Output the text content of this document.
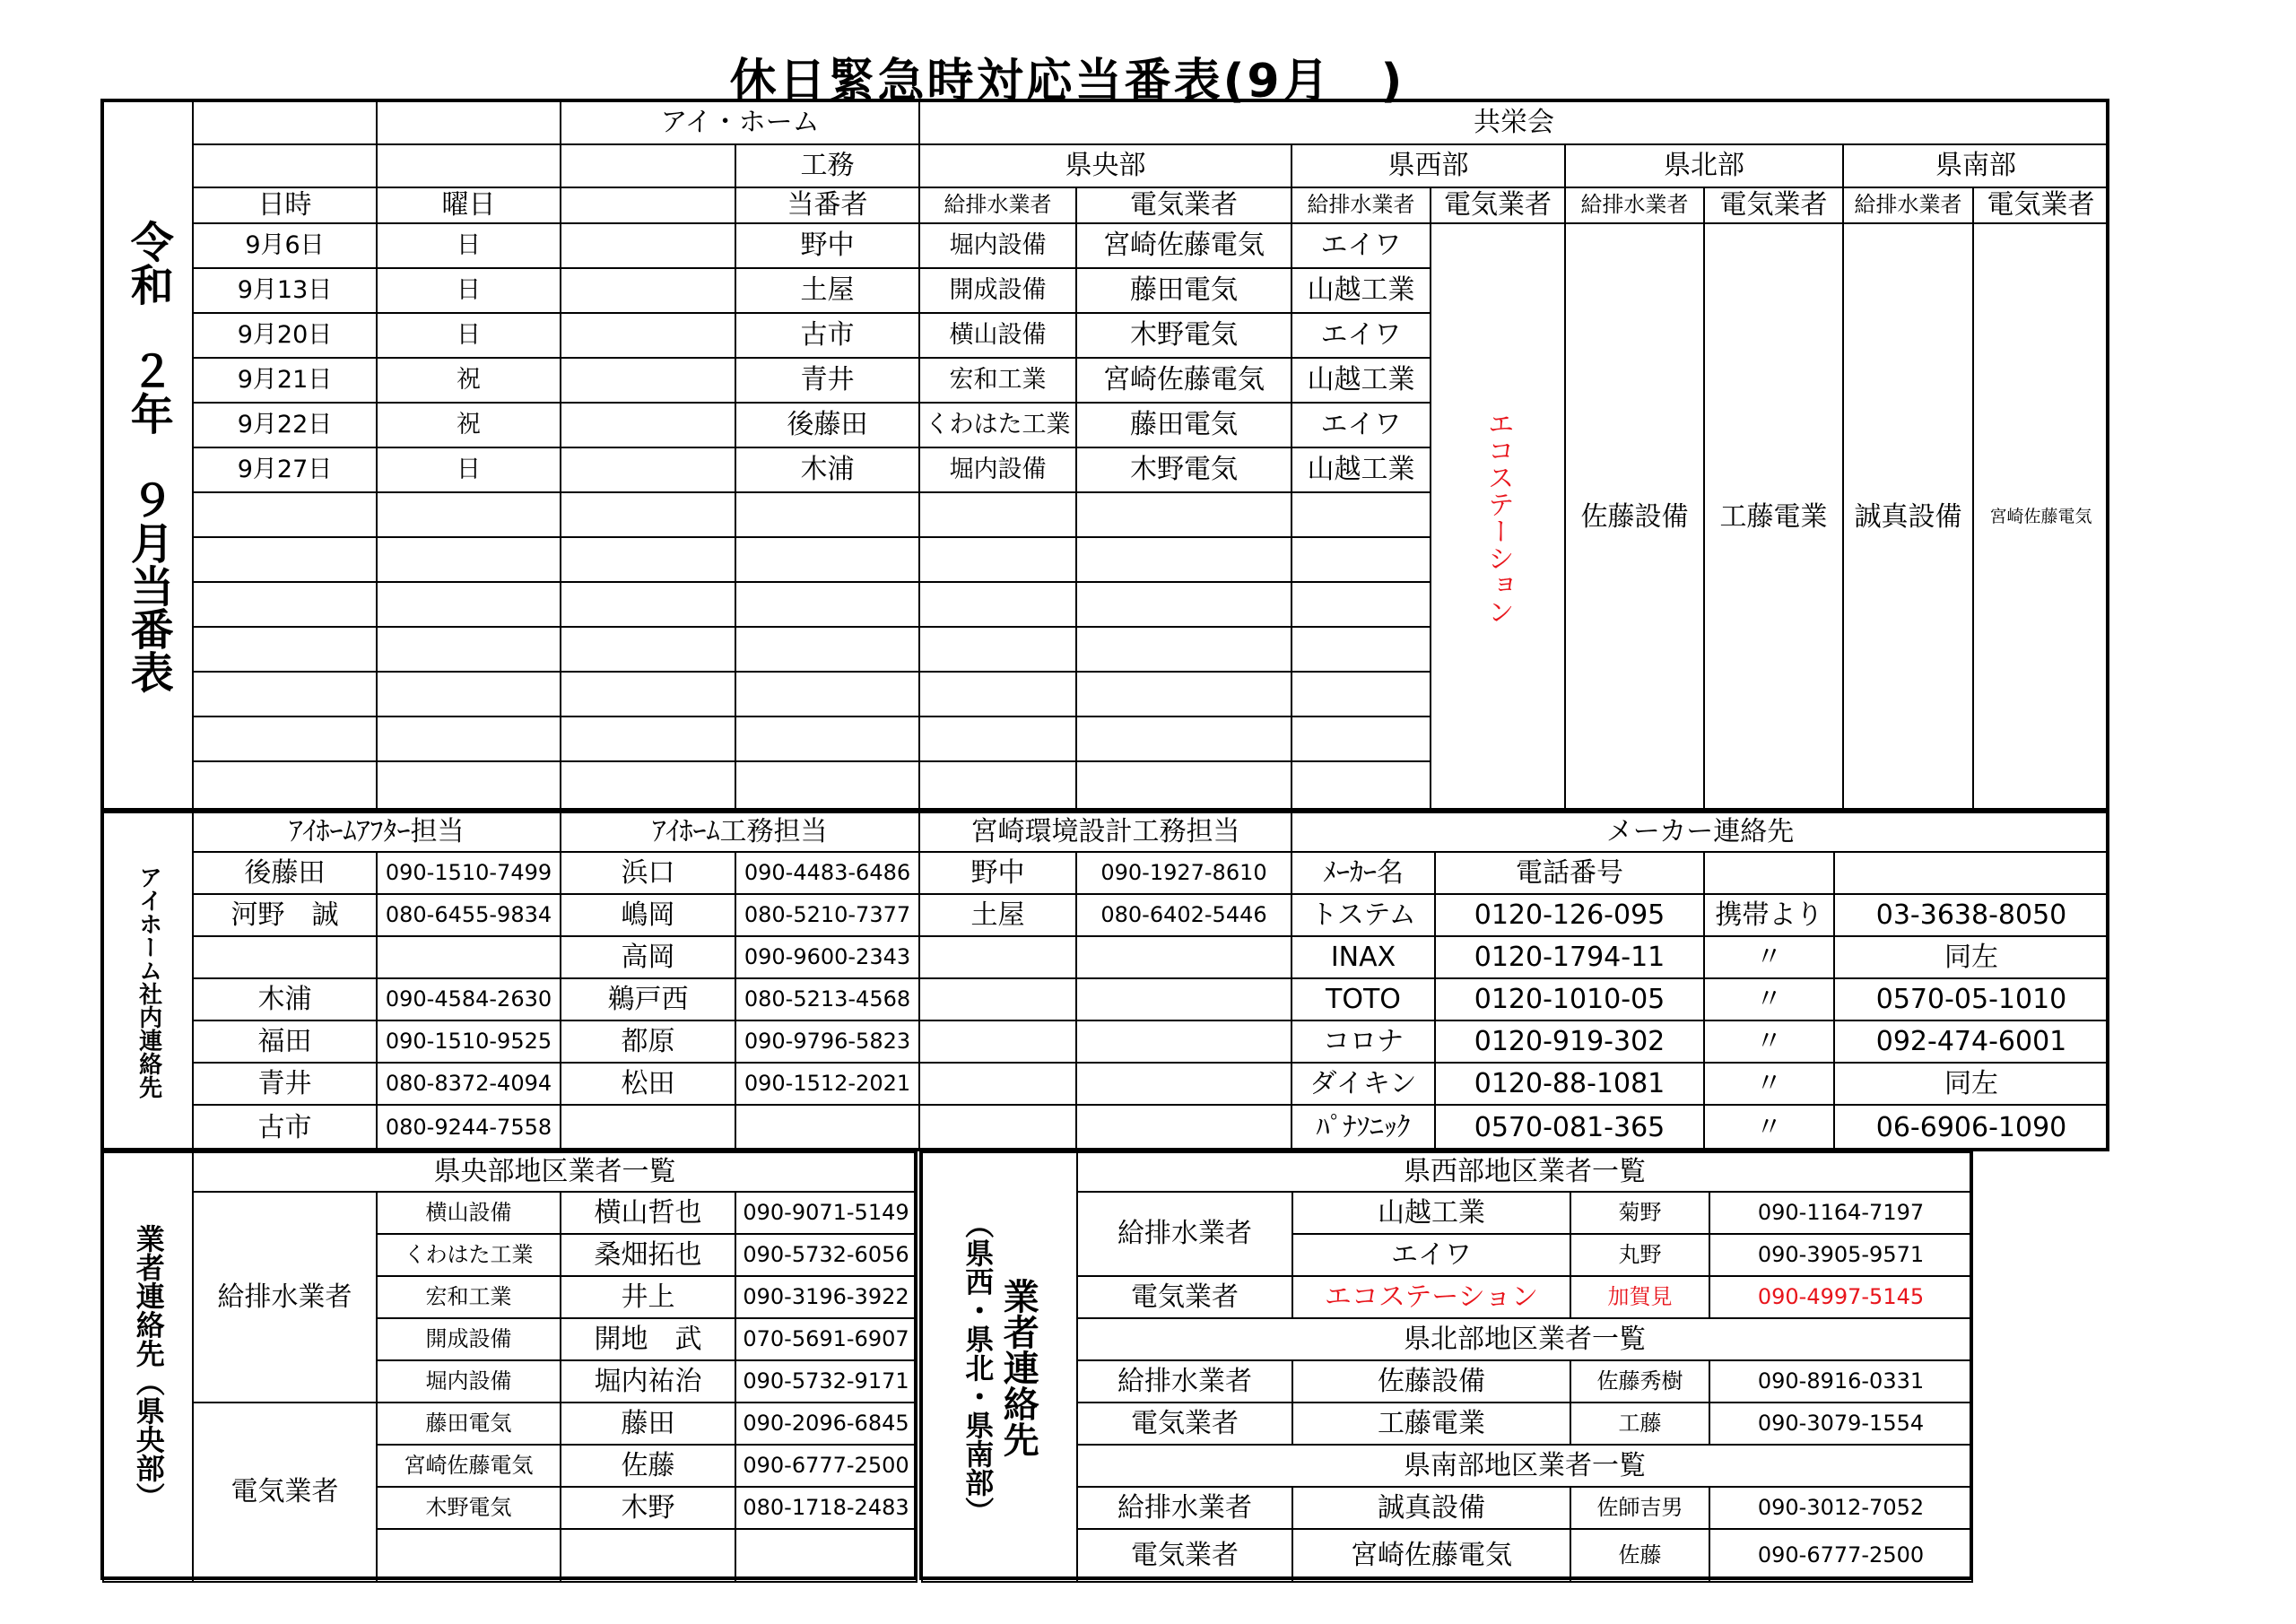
休日緊急時対応当番表(9月　)
令和　２年　９月当番表			アイ・ホーム		共栄会							
				工務	県央部		県西部		県北部		県南部	
	日時	曜日		当番者	給排水業者	電気業者	給排水業者	電気業者	給排水業者	電気業者	給排水業者	電気業者
	9月6日	日		野中	堀内設備	宮崎佐藤電気	エイワ	エコステーション	佐藤設備	工藤電業	誠真設備	宮崎佐藤電気
	9月13日	日		土屋	開成設備	藤田電気	山越工業					
	9月20日	日		古市	横山設備	木野電気	エイワ					
	9月21日	祝		青井	宏和工業	宮崎佐藤電気	山越工業					
	9月22日	祝		後藤田	くわはた工業	藤田電気	エイワ					
	9月27日	日		木浦	堀内設備	木野電気	山越工業					

アイホーム社内連絡先	ｱｲﾎｰﾑｱﾌﾀｰ担当		ｱｲﾎｰﾑ工務担当		宮崎環境設計工務担当		メーカー連絡先			
	後藤田	090-1510-7499	浜口	090-4483-6486	野中	090-1927-8610	ﾒｰｶｰ名	電話番号		
	河野　誠	080-6455-9834	嶋岡	080-5210-7377	土屋	080-6402-5446	トステム	0120-126-095	携帯より	03-3638-8050
			高岡	090-9600-2343			INAX	0120-1794-11	〃	同左
	木浦	090-4584-2630	鵜戸西	080-5213-4568			TOTO	0120-1010-05	〃	0570-05-1010
	福田	090-1510-9525	都原	090-9796-5823			コロナ	0120-919-302	〃	092-474-6001
	青井	080-8372-4094	松田	090-1512-2021			ダイキン	0120-88-1081	〃	同左
	古市	080-9244-7558					ﾊﾟﾅｿﾆｯｸ	0570-081-365	〃	06-6906-1090
業者連絡先（県央部）	県央部地区業者一覧			
	給排水業者	横山設備	横山哲也	090-9071-5149
		くわはた工業	桑畑拓也	090-5732-6056
		宏和工業	井上	090-3196-3922
		開成設備	開地　武	070-5691-6907
		堀内設備	堀内祐治	090-5732-9171
	電気業者	藤田電気	藤田	090-2096-6845
		宮崎佐藤電気	佐藤	090-6777-2500
		木野電気	木野	080-1718-2483
		（県西・県北・県南部） 業者連絡先	県西部地区業者一覧			
	給排水業者	山越工業	菊野	090-1164-7197
		エイワ	丸野	090-3905-9571
	電気業者	エコステーション	加賀見	090-4997-5145
	県北部地区業者一覧			
	給排水業者	佐藤設備	佐藤秀樹	090-8916-0331
	電気業者	工藤電業	工藤	090-3079-1554
	県南部地区業者一覧			
	給排水業者	誠真設備	佐師吉男	090-3012-7052
	電気業者	宮崎佐藤電気	佐藤	090-6777-2500
